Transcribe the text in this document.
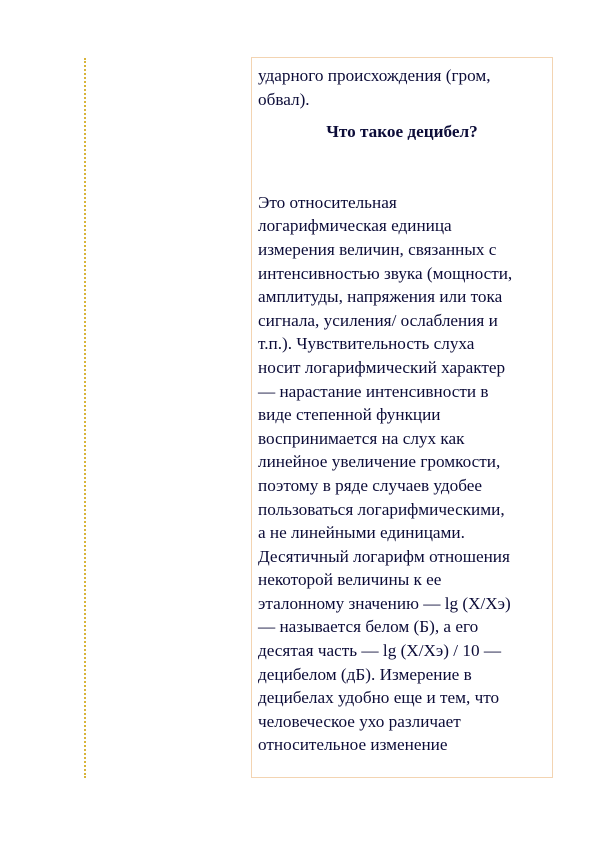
ударного происхождения (гром,
обвал).
Что такое децибел?
Это относительная
логарифмическая единица
измерения величин, связанных с
интенсивностью звука (мощности,
амплитуды, напряжения или тока
сигнала, усиления/ ослабления и
т.п.). Чувствительность слуха
носит логарифмический характер
— нарастание интенсивности в
виде степенной функции
воспринимается на слух как
линейное увеличение громкости,
поэтому в ряде случаев удобее
пользоваться логарифмическими,
а не линейными единицами.
Десятичный логарифм отношения
некоторой величины к ее
эталонному значению — lg (X/Xэ)
— называется белом (Б), а его
десятая часть — lg (X/Xэ) / 10 —
децибелом (дБ). Измерение в
децибелах удобно еще и тем, что
человеческое ухо различает
относительное изменение
